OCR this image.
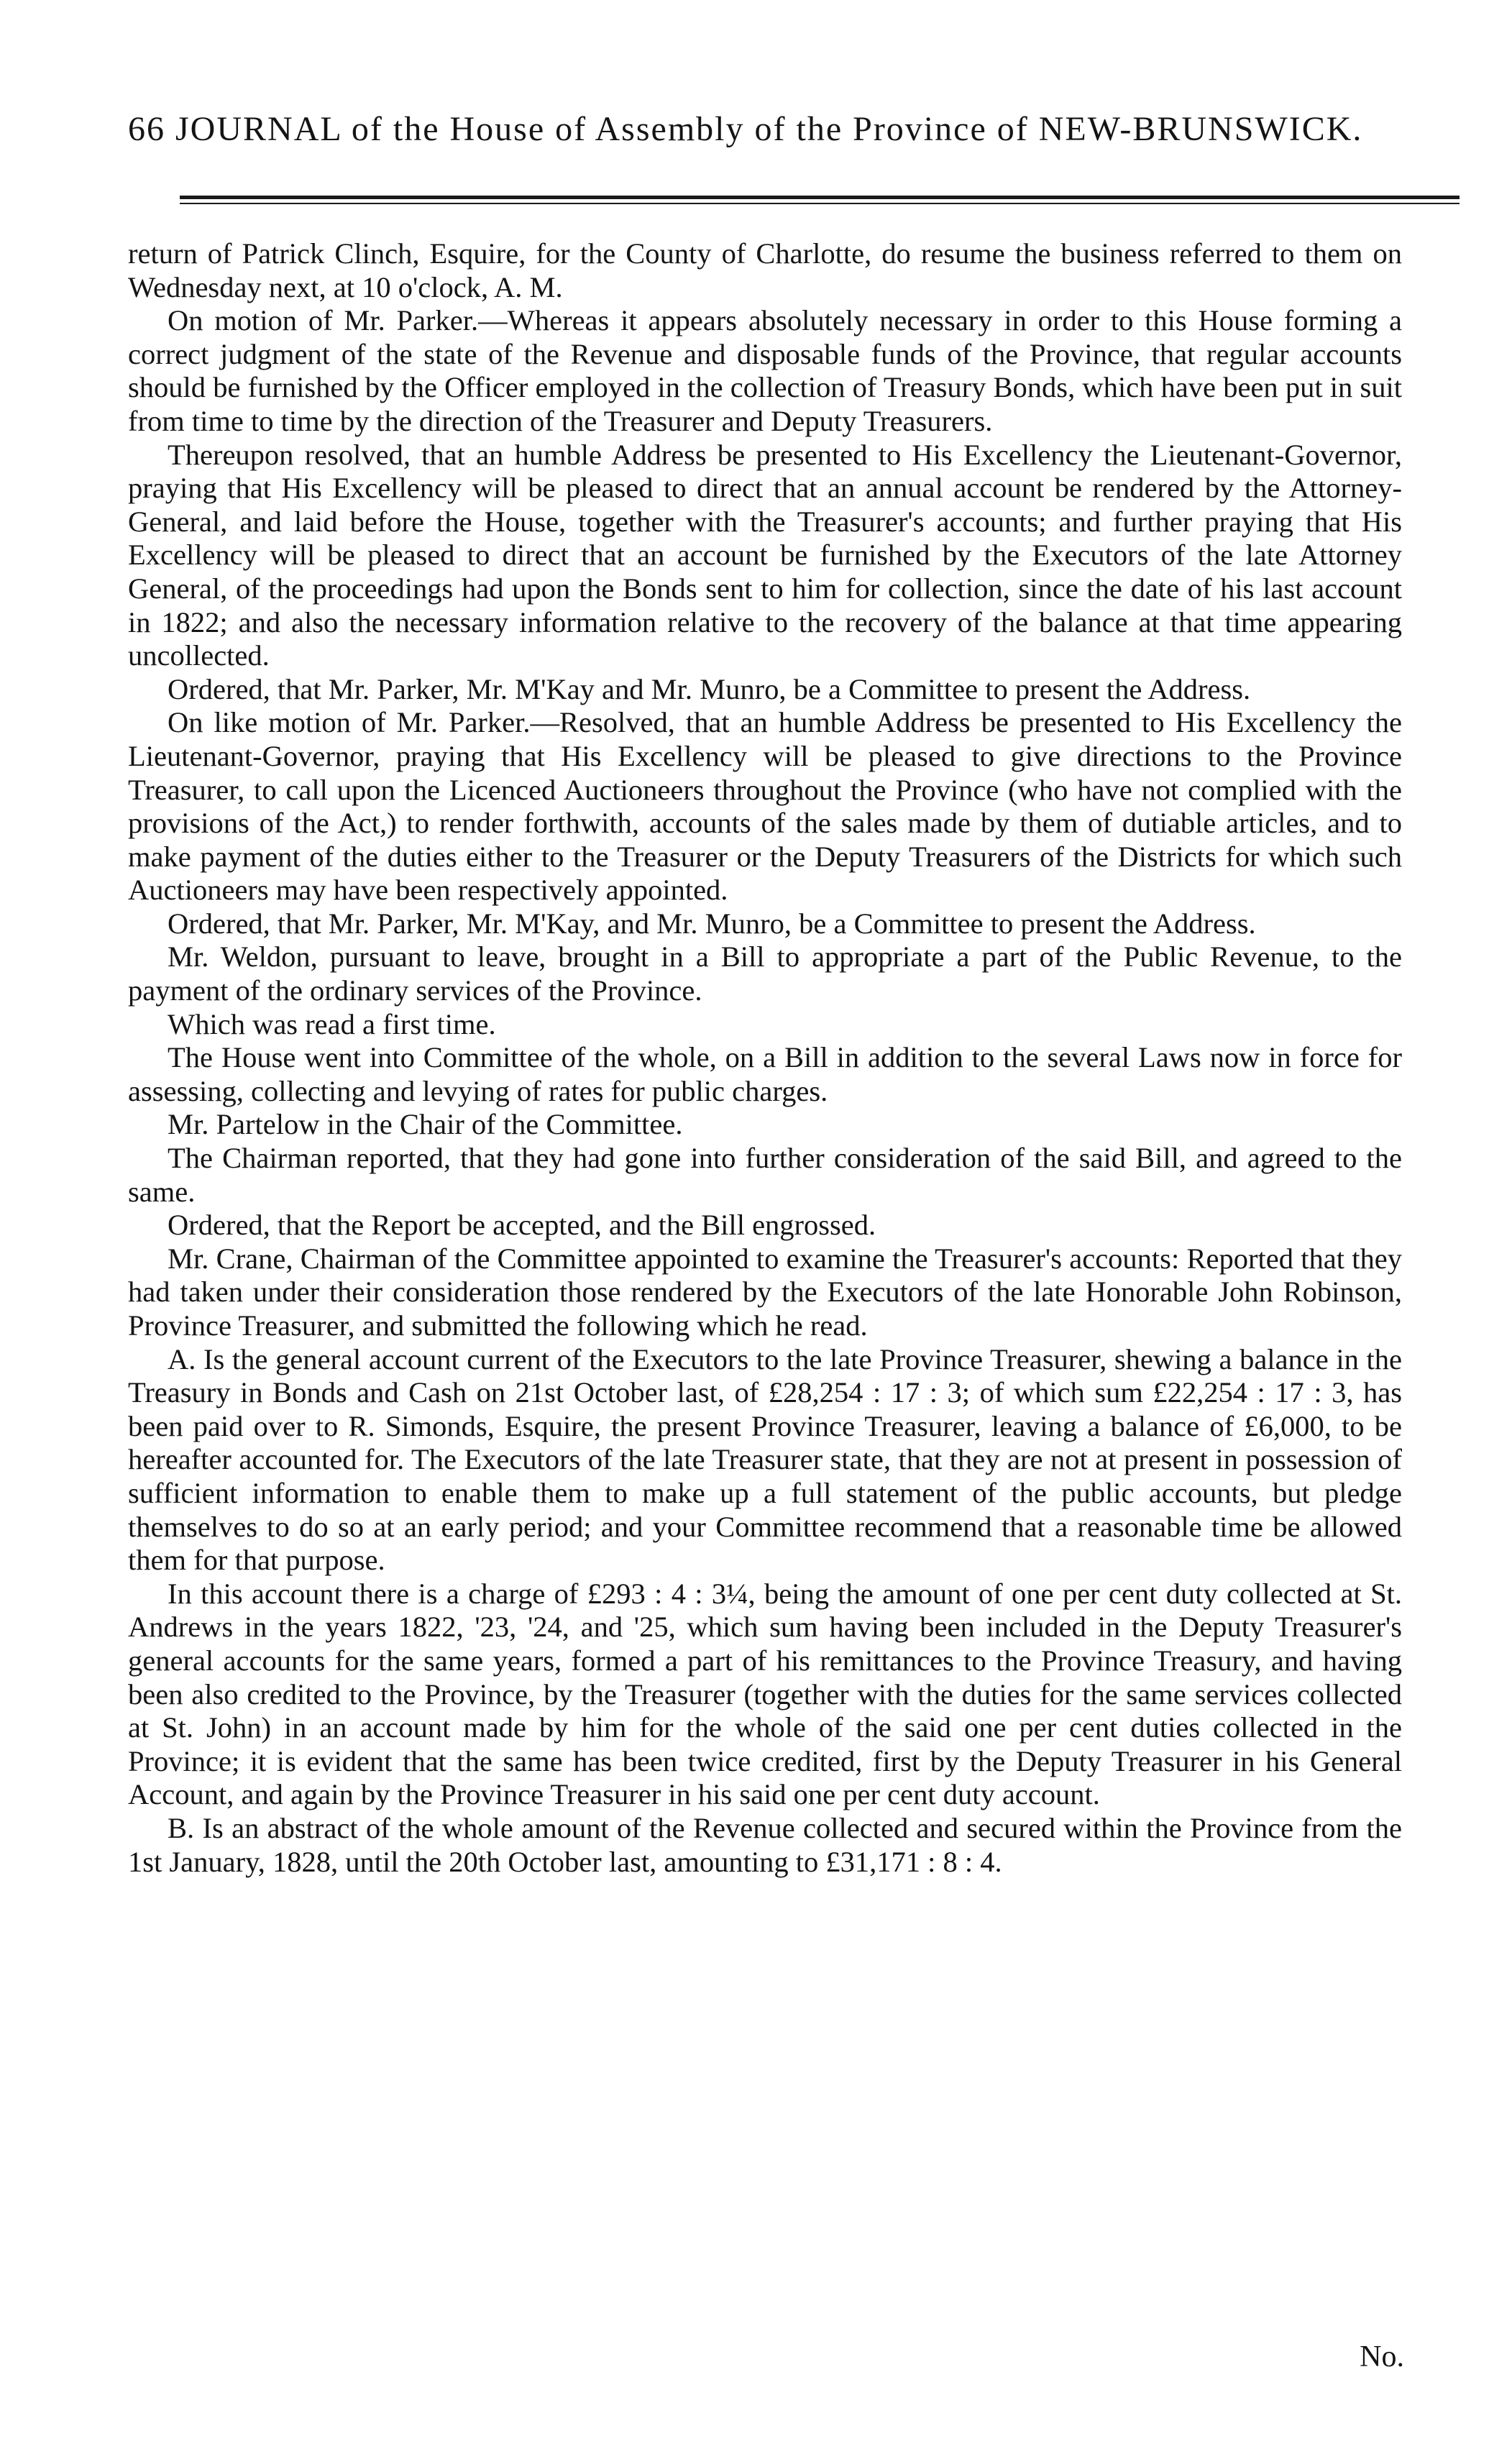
66 JOURNAL of the House of Assembly of the Province of NEW-BRUNSWICK.

return of Patrick Clinch, Esquire, for the County of Charlotte, do resume the business referred to them on Wednesday next, at 10 o'clock, A. M.

On motion of Mr. Parker.—Whereas it appears absolutely necessary in order to this House forming a correct judgment of the state of the Revenue and disposable funds of the Province, that regular accounts should be furnished by the Officer employed in the collection of Treasury Bonds, which have been put in suit from time to time by the direction of the Treasurer and Deputy Treasurers.

Thereupon resolved, that an humble Address be presented to His Excellency the Lieutenant-Governor, praying that His Excellency will be pleased to direct that an annual account be rendered by the Attorney-General, and laid before the House, together with the Treasurer's accounts; and further praying that His Excellency will be pleased to direct that an account be furnished by the Executors of the late Attorney General, of the proceedings had upon the Bonds sent to him for collection, since the date of his last account in 1822; and also the necessary information relative to the recovery of the balance at that time appearing uncollected.

Ordered, that Mr. Parker, Mr. M'Kay and Mr. Munro, be a Committee to present the Address.

On like motion of Mr. Parker.—Resolved, that an humble Address be presented to His Excellency the Lieutenant-Governor, praying that His Excellency will be pleased to give directions to the Province Treasurer, to call upon the Licenced Auctioneers throughout the Province (who have not complied with the provisions of the Act,) to render forthwith, accounts of the sales made by them of dutiable articles, and to make payment of the duties either to the Treasurer or the Deputy Treasurers of the Districts for which such Auctioneers may have been respectively appointed.

Ordered, that Mr. Parker, Mr. M'Kay, and Mr. Munro, be a Committee to present the Address.

Mr. Weldon, pursuant to leave, brought in a Bill to appropriate a part of the Public Revenue, to the payment of the ordinary services of the Province.

Which was read a first time.

The House went into Committee of the whole, on a Bill in addition to the several Laws now in force for assessing, collecting and levying of rates for public charges.

Mr. Partelow in the Chair of the Committee.

The Chairman reported, that they had gone into further consideration of the said Bill, and agreed to the same.

Ordered, that the Report be accepted, and the Bill engrossed.

Mr. Crane, Chairman of the Committee appointed to examine the Treasurer's accounts: Reported that they had taken under their consideration those rendered by the Executors of the late Honorable John Robinson, Province Treasurer, and submitted the following which he read.

A. Is the general account current of the Executors to the late Province Treasurer, shewing a balance in the Treasury in Bonds and Cash on 21st October last, of £28,254 : 17 : 3; of which sum £22,254 : 17 : 3, has been paid over to R. Simonds, Esquire, the present Province Treasurer, leaving a balance of £6,000, to be hereafter accounted for. The Executors of the late Treasurer state, that they are not at present in possession of sufficient information to enable them to make up a full statement of the public accounts, but pledge themselves to do so at an early period; and your Committee recommend that a reasonable time be allowed them for that purpose.

In this account there is a charge of £293 : 4 : 3¼, being the amount of one per cent duty collected at St. Andrews in the years 1822, '23, '24, and '25, which sum having been included in the Deputy Treasurer's general accounts for the same years, formed a part of his remittances to the Province Treasury, and having been also credited to the Province, by the Treasurer (together with the duties for the same services collected at St. John) in an account made by him for the whole of the said one per cent duties collected in the Province; it is evident that the same has been twice credited, first by the Deputy Treasurer in his General Account, and again by the Province Treasurer in his said one per cent duty account.

B. Is an abstract of the whole amount of the Revenue collected and secured within the Province from the 1st January, 1828, until the 20th October last, amounting to £31,171 : 8 : 4.

No.
